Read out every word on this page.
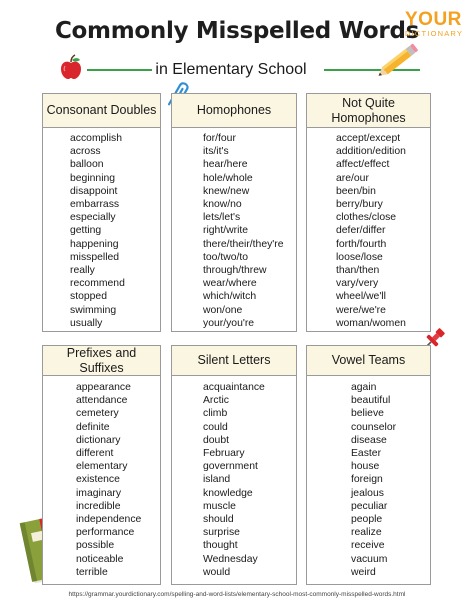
Commonly Misspelled Words
in Elementary School
YOUR
DICTIONARY
Consonant Doubles
accomplish
across
balloon
beginning
disappoint
embarrass
especially
getting
happening
misspelled
really
recommend
stopped
swimming
usually
Homophones
for/four
its/it's
hear/here
hole/whole
knew/new
know/no
lets/let's
right/write
there/their/they're
too/two/to
through/threw
wear/where
which/witch
won/one
your/you're
Not Quite Homophones
accept/except
addition/edition
affect/effect
are/our
been/bin
berry/bury
clothes/close
defer/differ
forth/fourth
loose/lose
than/then
vary/very
wheel/we'll
were/we're
woman/women
Prefixes and Suffixes
appearance
attendance
cemetery
definite
dictionary
different
elementary
existence
imaginary
incredible
independence
performance
possible
noticeable
terrible
Silent Letters
acquaintance
Arctic
climb
could
doubt
February
government
island
knowledge
muscle
should
surprise
thought
Wednesday
would
Vowel Teams
again
beautiful
believe
counselor
disease
Easter
house
foreign
jealous
peculiar
people
realize
receive
vacuum
weird
https://grammar.yourdictionary.com/spelling-and-word-lists/elementary-school-most-commonly-misspelled-words.html
